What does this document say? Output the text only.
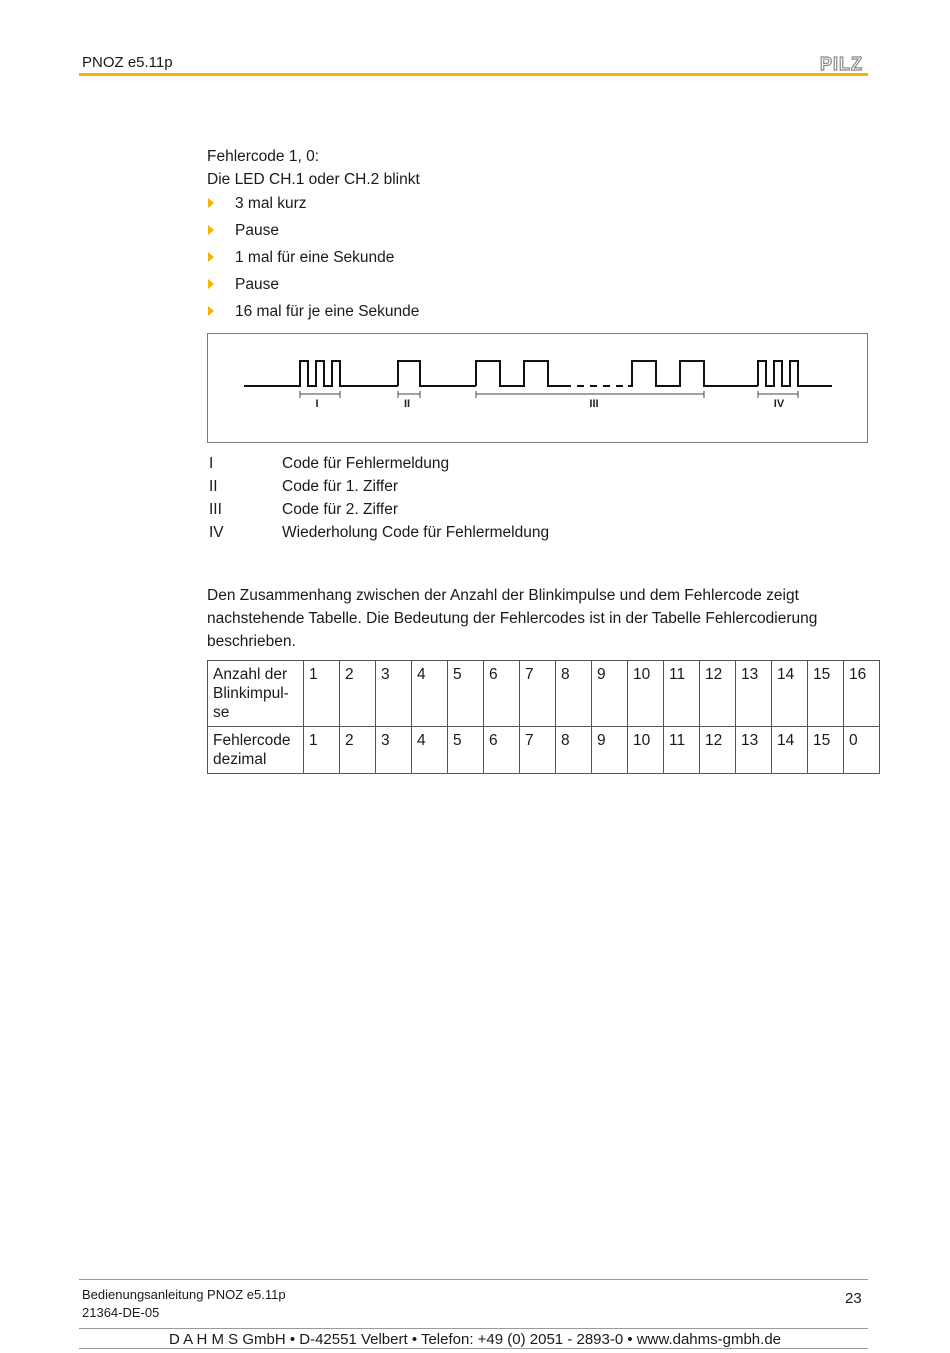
PNOZ e5.11p	PILZ
Fehlercode 1, 0:
Die LED CH.1 oder CH.2 blinkt
3 mal kurz
Pause
1 mal für eine Sekunde
Pause
16 mal für je eine Sekunde
I	II	III	IV
I	Code für Fehlermeldung
II	Code für 1. Ziffer
III	Code für 2. Ziffer
IV	Wiederholung Code für Fehlermeldung
Den Zusammenhang zwischen der Anzahl der Blinkimpulse und dem Fehlercode zeigt nachstehende Tabelle. Die Bedeutung der Fehlercodes ist in der Tabelle Fehlercodierung beschrieben.
Anzahl der
Blinkimpul-
se	1	2	3	4	5	6	7	8	9	10	11	12	13	14	15	16

Fehlercode
dezimal	1	2	3	4	5	6	7	8	9	10	11	12	13	14	15	0
Bedienungsanleitung PNOZ e5.11p
21364-DE-05
23
D A H M S GmbH • D-42551 Velbert • Telefon: +49 (0) 2051 - 2893-0 • www.dahms-gmbh.de
